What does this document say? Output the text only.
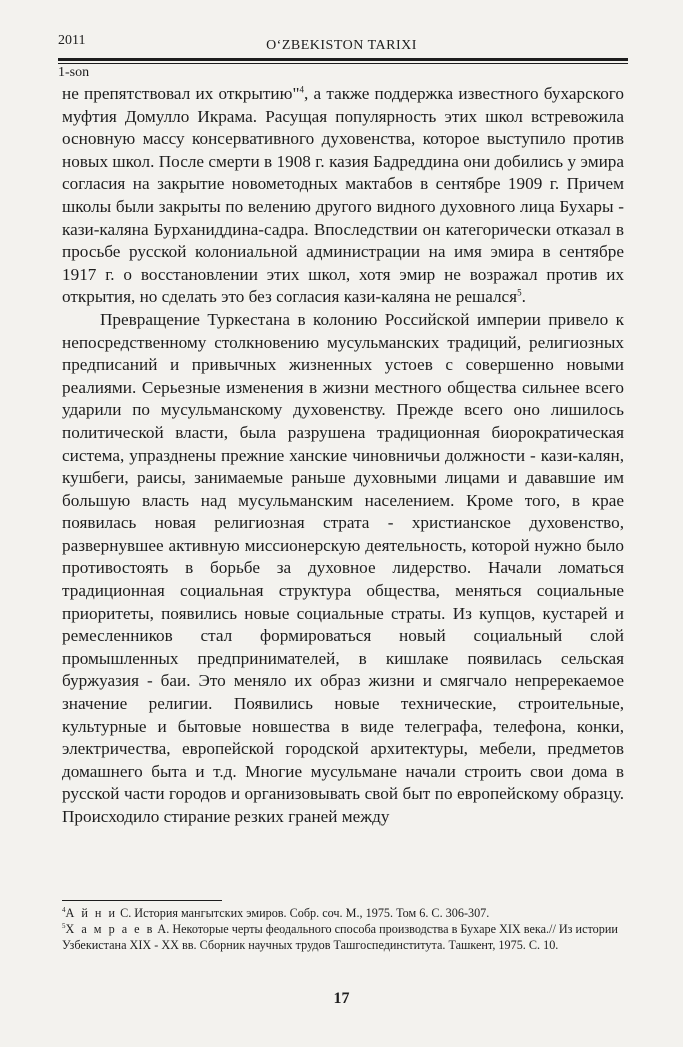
2011	O‘ZBEKISTON TARIXI
1-son

не препятствовал их открытию"$^4$, а также поддержка известного бухарского муфтия Домулло Икрама. Расущая популярность этих школ встревожила основную массу консервативного духовенства, которое выступило против новых школ. После смерти в 1908 г. казия Бадреддина они добились у эмира согласия на закрытие новометодных мактабов в сентябре 1909 г. Причем школы были закрыты по велению другого видного духовного лица Бухары - кази-калянa Бурханиддина-садра. Впоследствии он категорически отказал в просьбе русской колониальной администрации на имя эмира в сентябре 1917 г. о восстановлении этих школ, хотя эмир не возражал против их открытия, но сделать это без согласия кази-каляна не решался$^5$.

Превращение Туркестана в колонию Российской империи привело к непосредственному столкновению мусульманских традиций, религиозных предписаний и привычных жизненных устоев с совершенно новыми реалиями. Серьезные изменения в жизни местного общества сильнее всего ударили по мусульманскому духовенству. Прежде всего оно лишилось политической власти, была разрушена традиционная биорократическая система, упразднены прежние ханские чиновничьи должности - кази-калян, кушбеги, раисы, занимаемые раньше духовными лицами и дававшие им большую власть над мусульманским населением. Кроме того, в крае появилась новая религиозная страта - христианское духовенство, развернувшее активную миссионерскую деятельность, которой нужно было противостоять в борьбе за духовное лидерство. Начали ломаться традиционная социальная структура общества, меняться социальные приоритеты, появились новые социальные страты. Из купцов, кустарей и ремесленников стал формироваться новый социальный слой промышленных предпринимателей, в кишлаке появилась сельская буржуазия - баи. Это меняло их образ жизни и смягчало непререкаемое значение религии. Появились новые технические, строительные, культурные и бытовые новшества в виде телеграфа, телефона, конки, электричества, европейской городской архитектуры, мебели, предметов домашнего быта и т.д. Многие мусульмане начали строить свои дома в русской части городов и организовывать свой быт по европейскому образцу. Происходило стирание резких граней между

$^4$А й н и С. История мангытских эмиров. Собр. соч. М., 1975. Том 6. С. 306-307.

$^5$Х а м р а е в А. Некоторые черты феодального способа производства в Бухаре XIX века.// Из истории Узбекистана XIX - XX вв. Сборник научных трудов Ташгоспединститута. Ташкент, 1975. С. 10.

17
